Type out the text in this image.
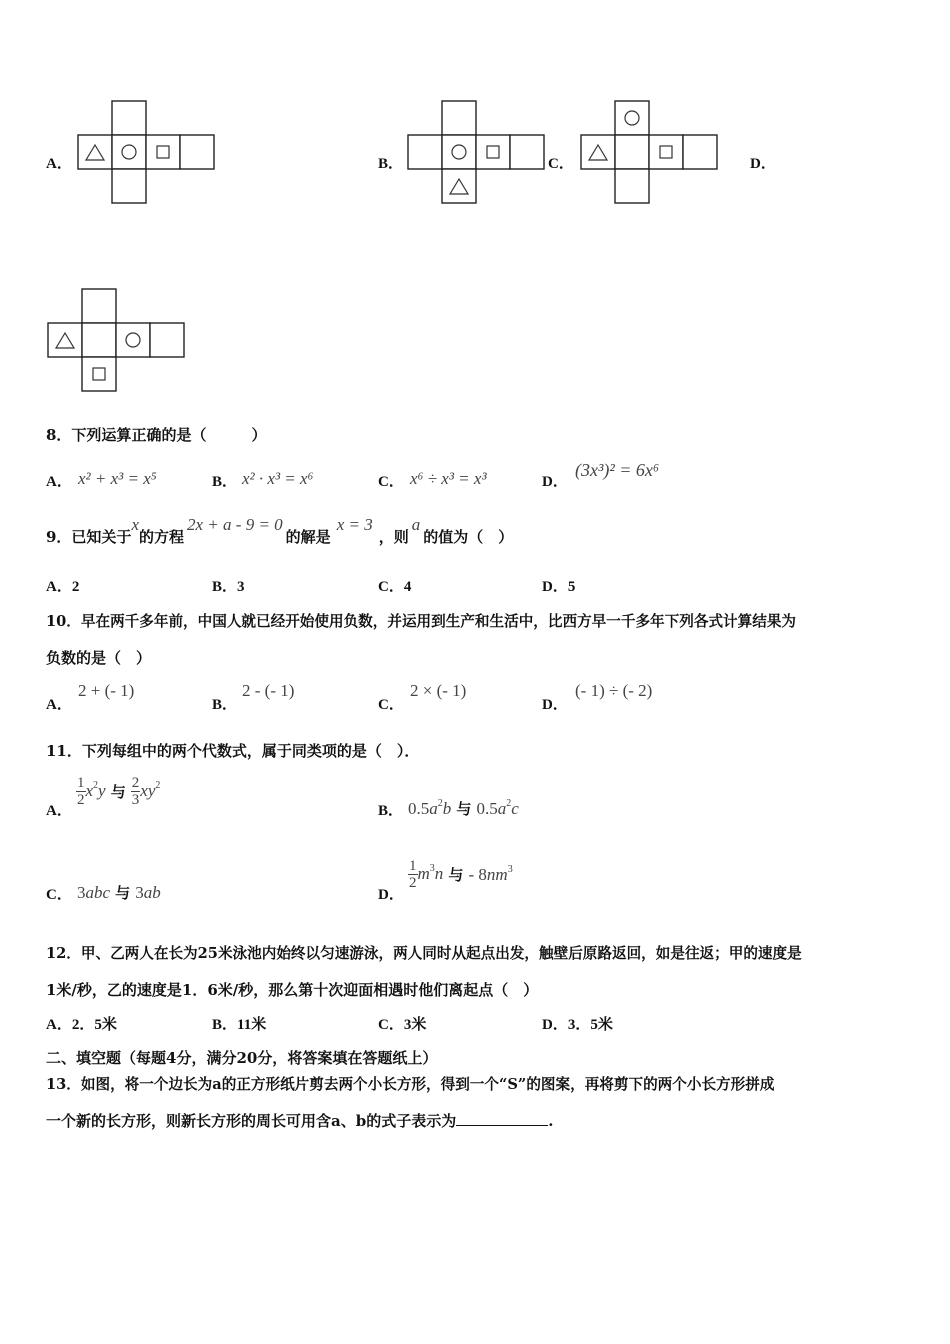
A．	B．	C．	D．
8．下列运算正确的是（　　　）
A． x² + x³ = x⁵	B． x² · x³ = x⁶	C． x⁶ ÷ x³ = x³	D．
(3x³)² = 6x⁶
9．已知关于x的方程2x + a - 9 = 0的解是x = 3，则a的值为（　）
A．2	B．3	C．4	D．5
10．早在两千多年前，中国人就已经开始使用负数，并运用到生产和生活中，比西方早一千多年下列各式计算结果为
负数的是（　）
A．
2 + (- 1)
B．
2 - (- 1)
C．
2 × (- 1)
D．
(- 1) ÷ (- 2)
11．下列每组中的两个代数式，属于同类项的是（　）．
A．
$\frac{1}{2} x^2y$ 与 $\frac{2}{3} xy^2$
B． $0.5a^2b$ 与 $0.5a^2c$
C． 3abc 与 3ab	D．
$\frac{1}{2} m^3n$ 与 - $8nm^3$
12．甲、乙两人在长为25米泳池内始终以匀速游泳，两人同时从起点出发，触壁后原路返回，如是往返；甲的速度是
1米/秒，乙的速度是1．6米/秒，那么第十次迎面相遇时他们离起点（　）
A．2．5米	B．11米	C．3米	D．3．5米
二、填空题（每题4分，满分20分，将答案填在答题纸上）
13．如图，将一个边长为a的正方形纸片剪去两个小长方形，得到一个“S”的图案，再将剪下的两个小长方形拼成
一个新的长方形，则新长方形的周长可用含a、b的式子表示为	.
